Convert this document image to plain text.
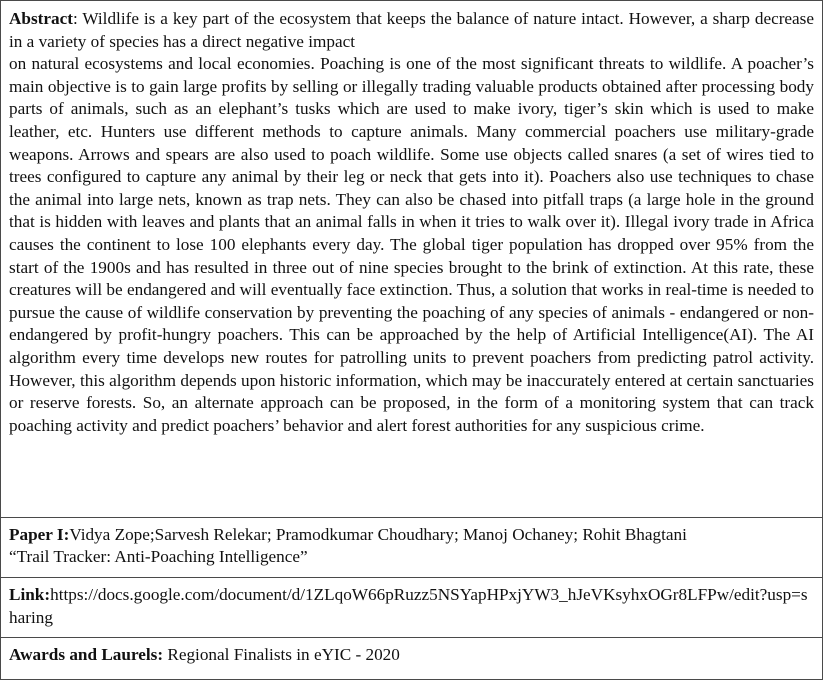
Abstract: Wildlife is a key part of the ecosystem that keeps the balance of nature intact. However, a sharp decrease in a variety of species has a direct negative impact
on natural ecosystems and local economies. Poaching is one of the most significant threats to wildlife. A poacher’s main objective is to gain large profits by selling or illegally trading valuable products obtained after processing body parts of animals, such as an elephant’s tusks which are used to make ivory, tiger’s skin which is used to make leather, etc. Hunters use different methods to capture animals. Many commercial poachers use military-grade weapons. Arrows and spears are also used to poach wildlife. Some use objects called snares (a set of wires tied to trees configured to capture any animal by their leg or neck that gets into it). Poachers also use techniques to chase the animal into large nets, known as trap nets. They can also be chased into pitfall traps (a large hole in the ground that is hidden with leaves and plants that an animal falls in when it tries to walk over it). Illegal ivory trade in Africa causes the continent to lose 100 elephants every day. The global tiger population has dropped over 95% from the start of the 1900s and has resulted in three out of nine species brought to the brink of extinction. At this rate, these creatures will be endangered and will eventually face extinction. Thus, a solution that works in real-time is needed to pursue the cause of wildlife conservation by preventing the poaching of any species of animals - endangered or non-endangered by profit-hungry poachers. This can be approached by the help of Artificial Intelligence(AI). The AI algorithm every time develops new routes for patrolling units to prevent poachers from predicting patrol activity. However, this algorithm depends upon historic information, which may be inaccurately entered at certain sanctuaries or reserve forests. So, an alternate approach can be proposed, in the form of a monitoring system that can track poaching activity and predict poachers’ behavior and alert forest authorities for any suspicious crime.

Paper I:Vidya Zope;Sarvesh Relekar; Pramodkumar Choudhary; Manoj Ochaney; Rohit Bhagtani
“Trail Tracker: Anti-Poaching Intelligence”

Link:https://docs.google.com/document/d/1ZLqoW66pRuzz5NSYapHPxjYW3_hJeVKsyhxOGr8LFPw/edit?usp=sharing
Awards and Laurels: Regional Finalists in eYIC - 2020
